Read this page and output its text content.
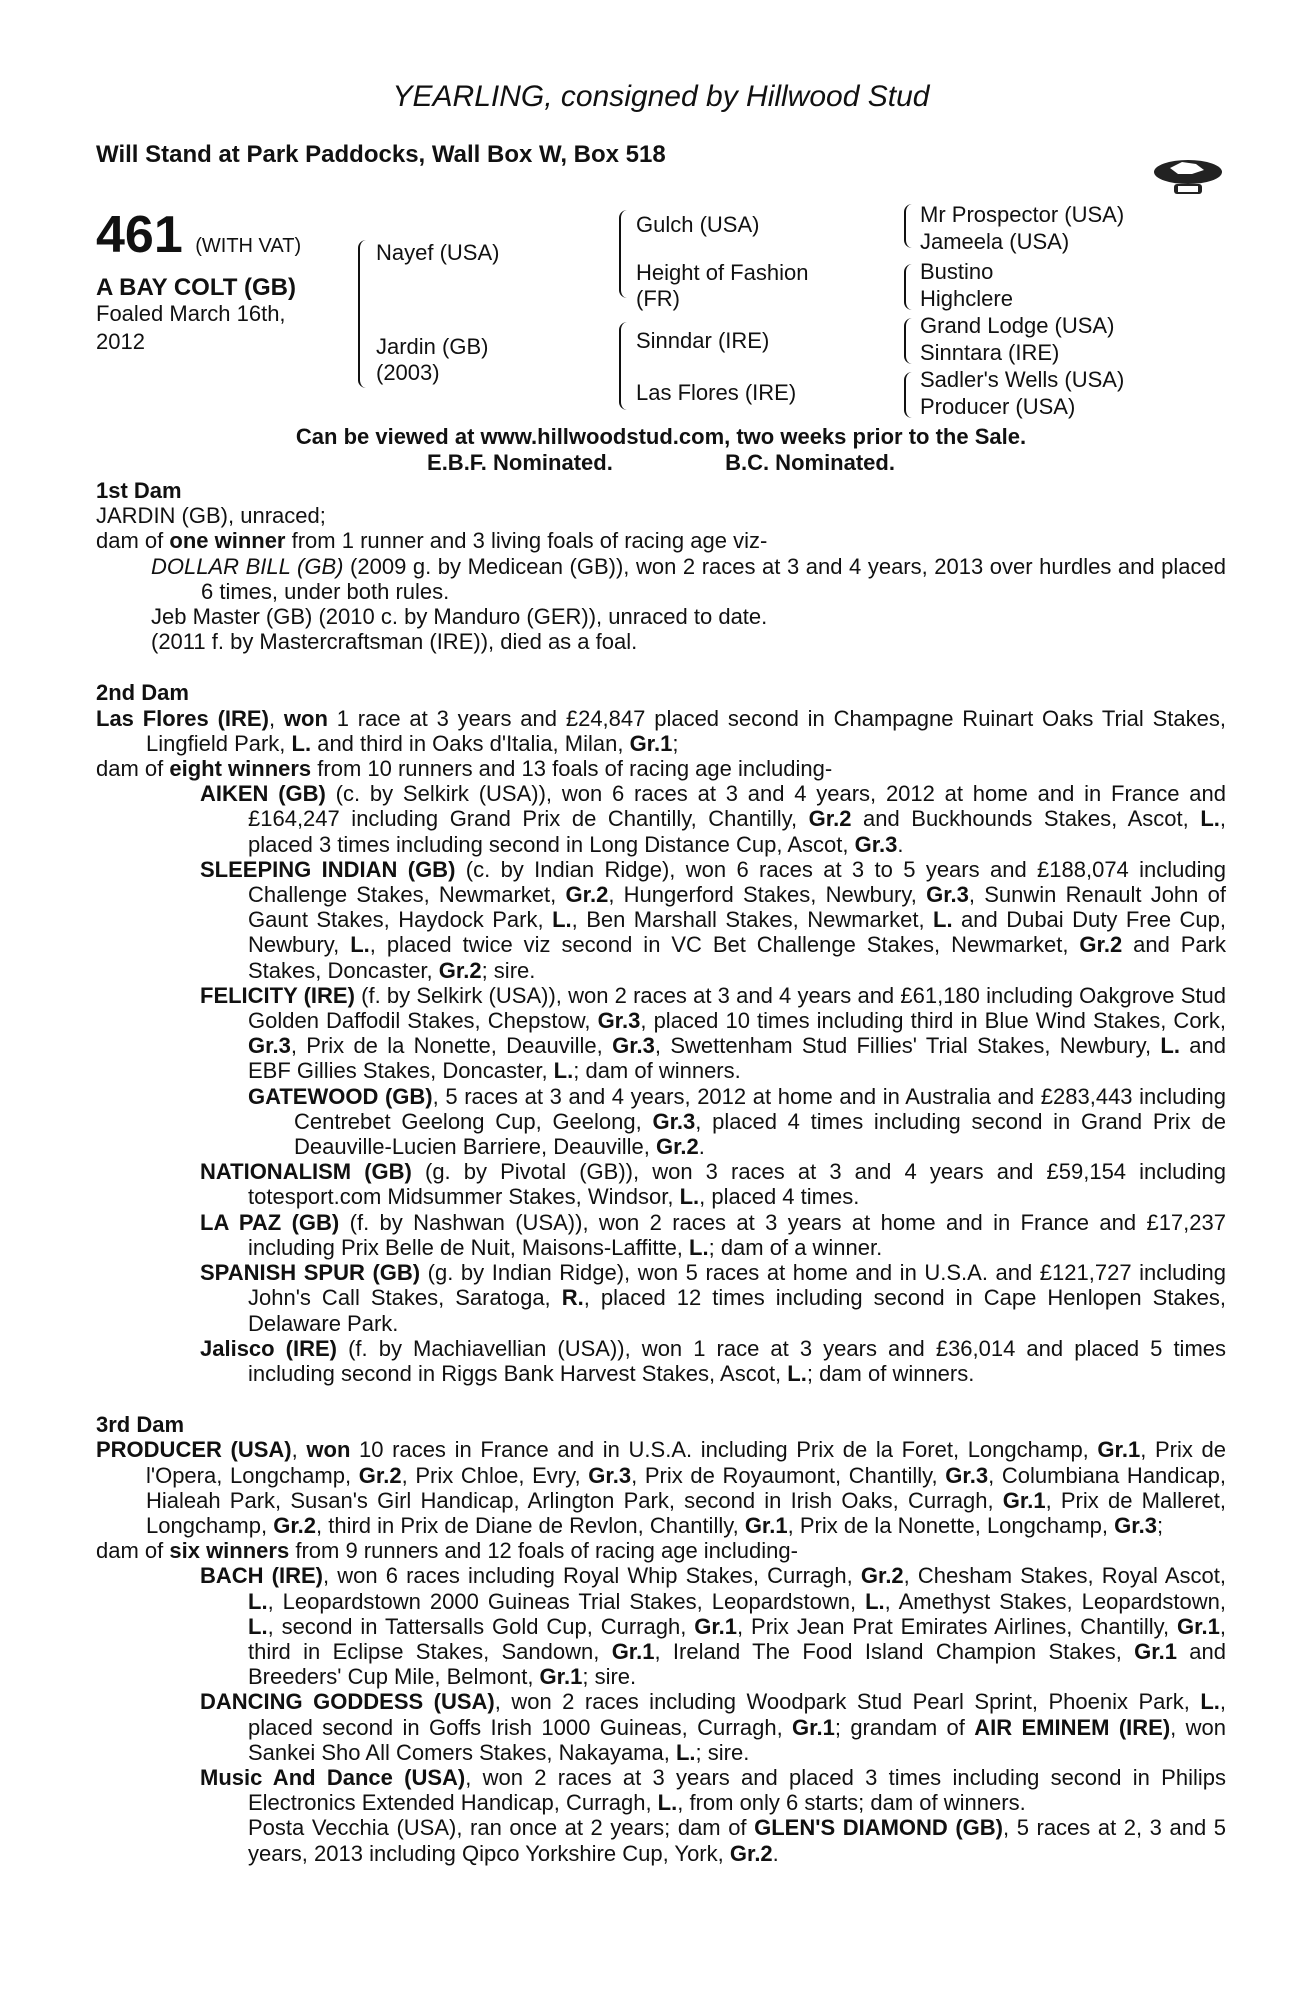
YEARLING, consigned by Hillwood Stud
Will Stand at Park Paddocks, Wall Box W, Box 518
461 (WITH VAT)
A BAY COLT (GB)
Foaled March 16th, 2012
Nayef (USA)
Jardin (GB) (2003)
Gulch (USA)
Height of Fashion (FR)
Sinndar (IRE)
Las Flores (IRE)
Mr Prospector (USA)
Jameela (USA)
Bustino
Highclere
Grand Lodge (USA)
Sinntara (IRE)
Sadler's Wells (USA)
Producer (USA)
Can be viewed at www.hillwoodstud.com, two weeks prior to the Sale.
E.B.F. Nominated.	B.C. Nominated.

1st Dam

JARDIN (GB), unraced;

dam of one winner from 1 runner and 3 living foals of racing age viz-

DOLLAR BILL (GB) (2009 g. by Medicean (GB)), won 2 races at 3 and 4 years, 2013 over hurdles and placed 6 times, under both rules.

Jeb Master (GB) (2010 c. by Manduro (GER)), unraced to date.

(2011 f. by Mastercraftsman (IRE)), died as a foal.

2nd Dam

Las Flores (IRE), won 1 race at 3 years and £24,847 placed second in Champagne Ruinart Oaks Trial Stakes, Lingfield Park, L. and third in Oaks d'Italia, Milan, Gr.1;

dam of eight winners from 10 runners and 13 foals of racing age including-

AIKEN (GB) (c. by Selkirk (USA)), won 6 races at 3 and 4 years, 2012 at home and in France and £164,247 including Grand Prix de Chantilly, Chantilly, Gr.2 and Buckhounds Stakes, Ascot, L., placed 3 times including second in Long Distance Cup, Ascot, Gr.3.

SLEEPING INDIAN (GB) (c. by Indian Ridge), won 6 races at 3 to 5 years and £188,074 including Challenge Stakes, Newmarket, Gr.2, Hungerford Stakes, Newbury, Gr.3, Sunwin Renault John of Gaunt Stakes, Haydock Park, L., Ben Marshall Stakes, Newmarket, L. and Dubai Duty Free Cup, Newbury, L., placed twice viz second in VC Bet Challenge Stakes, Newmarket, Gr.2 and Park Stakes, Doncaster, Gr.2; sire.

FELICITY (IRE) (f. by Selkirk (USA)), won 2 races at 3 and 4 years and £61,180 including Oakgrove Stud Golden Daffodil Stakes, Chepstow, Gr.3, placed 10 times including third in Blue Wind Stakes, Cork, Gr.3, Prix de la Nonette, Deauville, Gr.3, Swettenham Stud Fillies' Trial Stakes, Newbury, L. and EBF Gillies Stakes, Doncaster, L.; dam of winners.

GATEWOOD (GB), 5 races at 3 and 4 years, 2012 at home and in Australia and £283,443 including Centrebet Geelong Cup, Geelong, Gr.3, placed 4 times including second in Grand Prix de Deauville-Lucien Barriere, Deauville, Gr.2.

NATIONALISM (GB) (g. by Pivotal (GB)), won 3 races at 3 and 4 years and £59,154 including totesport.com Midsummer Stakes, Windsor, L., placed 4 times.

LA PAZ (GB) (f. by Nashwan (USA)), won 2 races at 3 years at home and in France and £17,237 including Prix Belle de Nuit, Maisons-Laffitte, L.; dam of a winner.

SPANISH SPUR (GB) (g. by Indian Ridge), won 5 races at home and in U.S.A. and £121,727 including John's Call Stakes, Saratoga, R., placed 12 times including second in Cape Henlopen Stakes, Delaware Park.

Jalisco (IRE) (f. by Machiavellian (USA)), won 1 race at 3 years and £36,014 and placed 5 times including second in Riggs Bank Harvest Stakes, Ascot, L.; dam of winners.

3rd Dam

PRODUCER (USA), won 10 races in France and in U.S.A. including Prix de la Foret, Longchamp, Gr.1, Prix de l'Opera, Longchamp, Gr.2, Prix Chloe, Evry, Gr.3, Prix de Royaumont, Chantilly, Gr.3, Columbiana Handicap, Hialeah Park, Susan's Girl Handicap, Arlington Park, second in Irish Oaks, Curragh, Gr.1, Prix de Malleret, Longchamp, Gr.2, third in Prix de Diane de Revlon, Chantilly, Gr.1, Prix de la Nonette, Longchamp, Gr.3;

dam of six winners from 9 runners and 12 foals of racing age including-

BACH (IRE), won 6 races including Royal Whip Stakes, Curragh, Gr.2, Chesham Stakes, Royal Ascot, L., Leopardstown 2000 Guineas Trial Stakes, Leopardstown, L., Amethyst Stakes, Leopardstown, L., second in Tattersalls Gold Cup, Curragh, Gr.1, Prix Jean Prat Emirates Airlines, Chantilly, Gr.1, third in Eclipse Stakes, Sandown, Gr.1, Ireland The Food Island Champion Stakes, Gr.1 and Breeders' Cup Mile, Belmont, Gr.1; sire.

DANCING GODDESS (USA), won 2 races including Woodpark Stud Pearl Sprint, Phoenix Park, L., placed second in Goffs Irish 1000 Guineas, Curragh, Gr.1; grandam of AIR EMINEM (IRE), won Sankei Sho All Comers Stakes, Nakayama, L.; sire.

Music And Dance (USA), won 2 races at 3 years and placed 3 times including second in Philips Electronics Extended Handicap, Curragh, L., from only 6 starts; dam of winners.

Posta Vecchia (USA), ran once at 2 years; dam of GLEN'S DIAMOND (GB), 5 races at 2, 3 and 5 years, 2013 including Qipco Yorkshire Cup, York, Gr.2.
